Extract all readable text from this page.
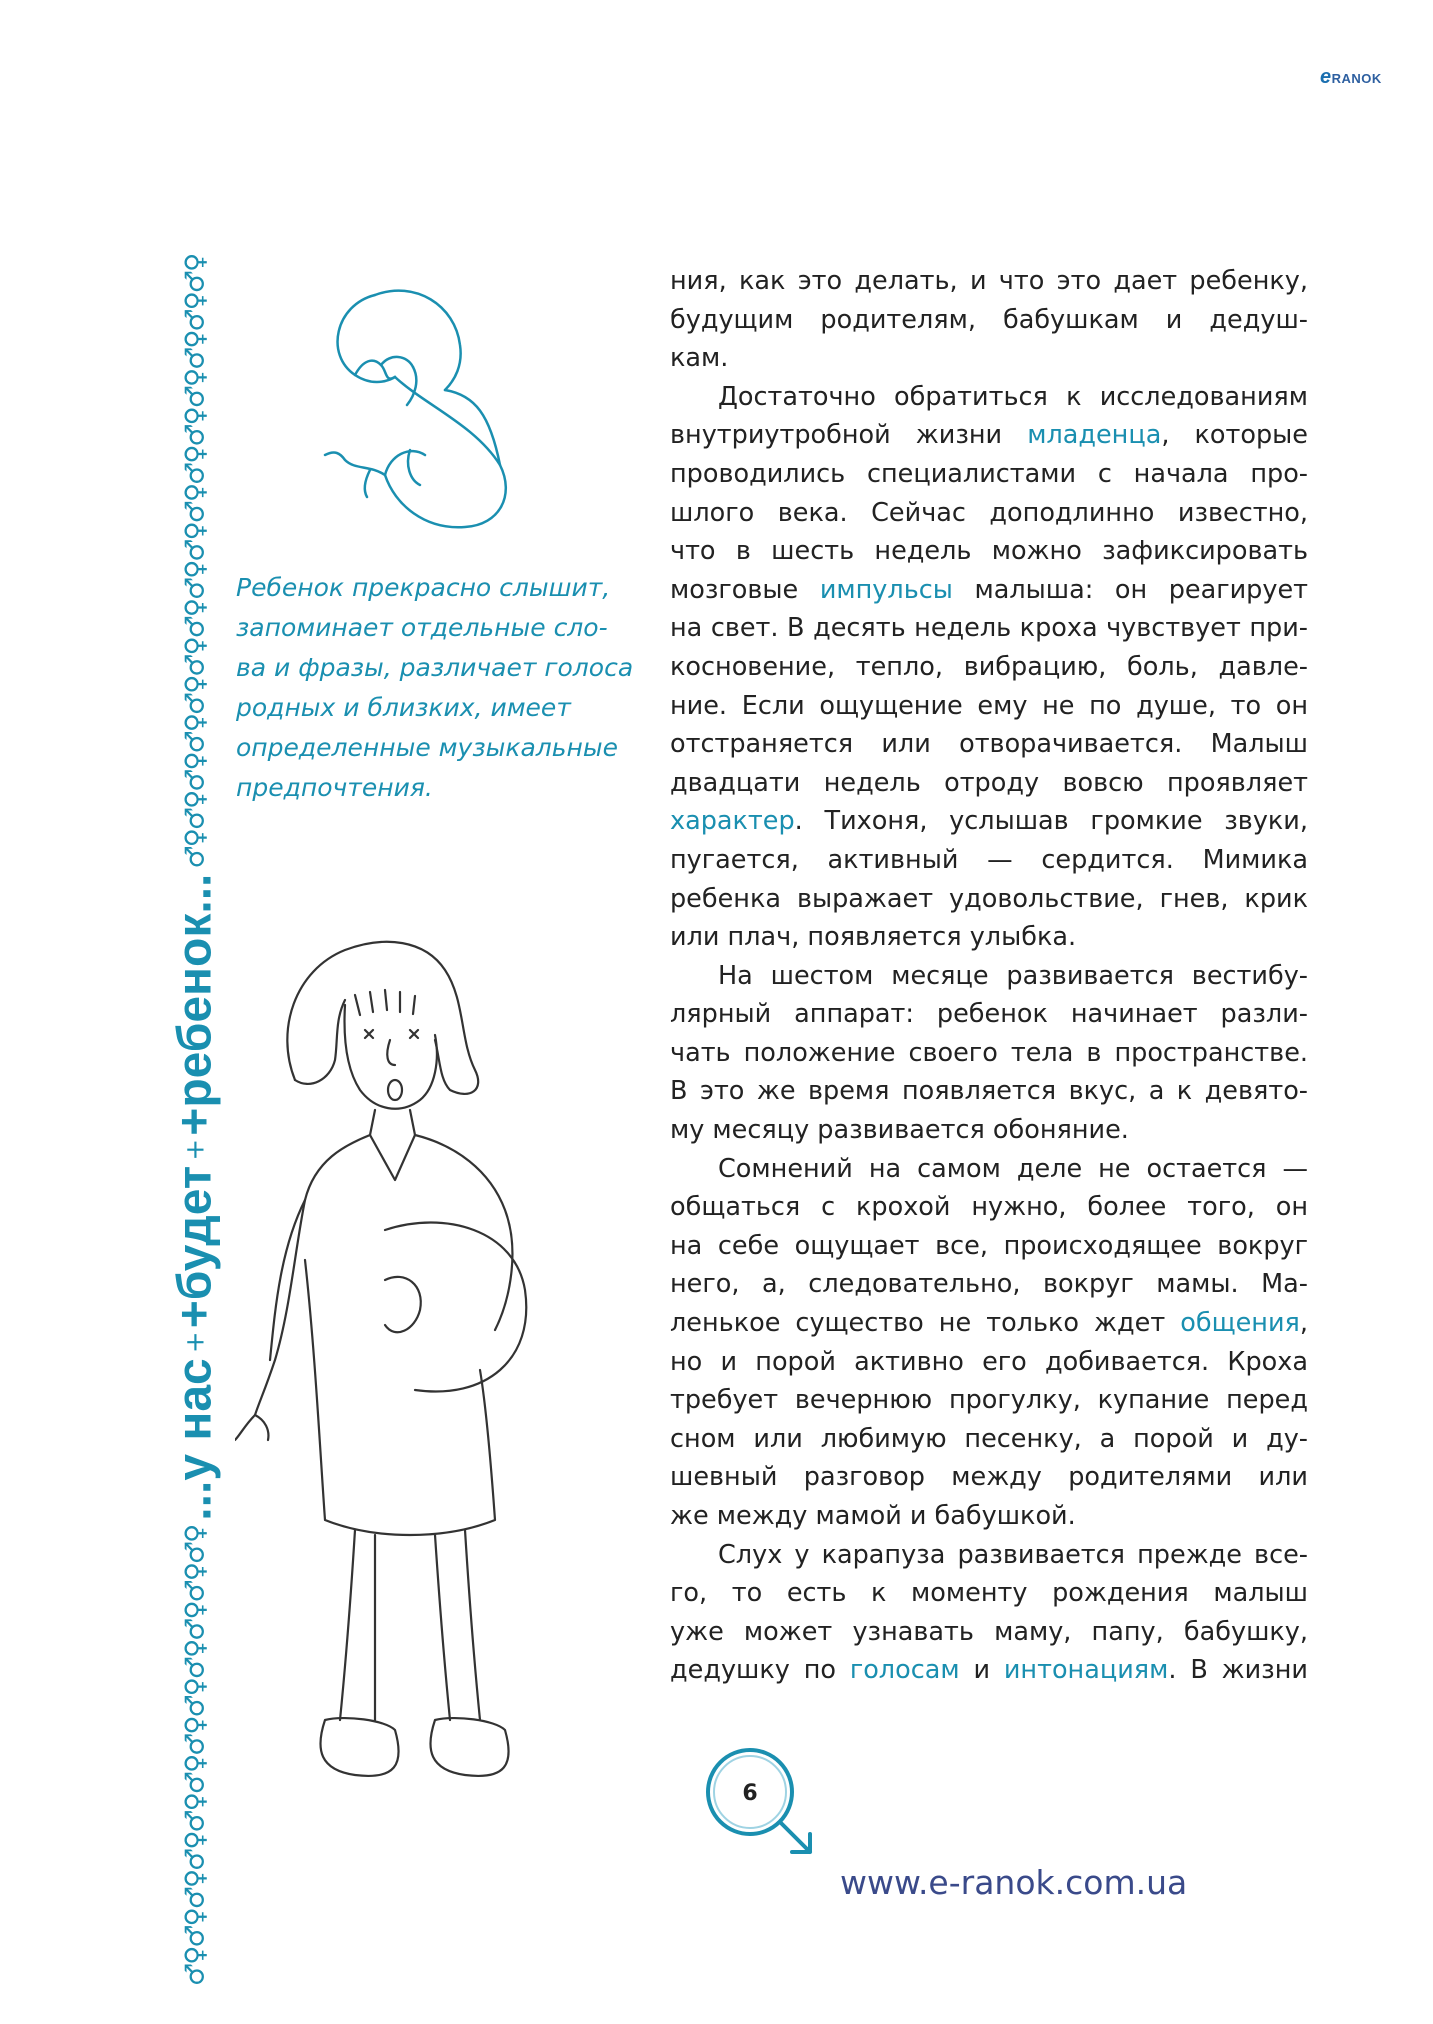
eRANOK
♂♀♂♀♂♀♂♀♂♀♂♀♂♀♂♀♂♀♂♀♂♀♂♀ ...у нас + +будет + +ребенок... ♂♀♂♀♂♀♂♀♂♀♂♀♂♀♂♀♂♀♂♀♂♀♂♀♂♀♂♀♂♀♂♀	Ребенок прекрасно слышит,
запоминает отдельные сло-
ва и фразы, различает голоса
родных и близких, имеет
определенные музыкальные
предпочтения.
ния, как это делать, и что это дает ребенку,
будущим родителям, бабушкам и дедуш-
кам.
Достаточно обратиться к исследованиям
внутриутробной жизни младенца, которые
проводились специалистами с начала про-
шлого века. Сейчас доподлинно известно,
что в шесть недель можно зафиксировать
мозговые импульсы малыша: он реагирует
на свет. В десять недель кроха чувствует при-
косновение, тепло, вибрацию, боль, давле-
ние. Если ощущение ему не по душе, то он
отстраняется или отворачивается. Малыш
двадцати недель отроду вовсю проявляет
характер. Тихоня, услышав громкие звуки,
пугается, активный — сердится. Мимика
ребенка выражает удовольствие, гнев, крик
или плач, появляется улыбка.
На шестом месяце развивается вестибу-
лярный аппарат: ребенок начинает разли-
чать положение своего тела в пространстве.
В это же время появляется вкус, а к девято-
му месяцу развивается обоняние.
Сомнений на самом деле не остается —
общаться с крохой нужно, более того, он
на себе ощущает все, происходящее вокруг
него, а, следовательно, вокруг мамы. Ма-
ленькое существо не только ждет общения,
но и порой активно его добивается. Кроха
требует вечернюю прогулку, купание перед
сном или любимую песенку, а порой и ду-
шевный разговор между родителями или
же между мамой и бабушкой.
Слух у карапуза развивается прежде все-
го, то есть к моменту рождения малыш
уже может узнавать маму, папу, бабушку,
дедушку по голосам и интонациям. В жизни
6
www.e-ranok.com.ua
